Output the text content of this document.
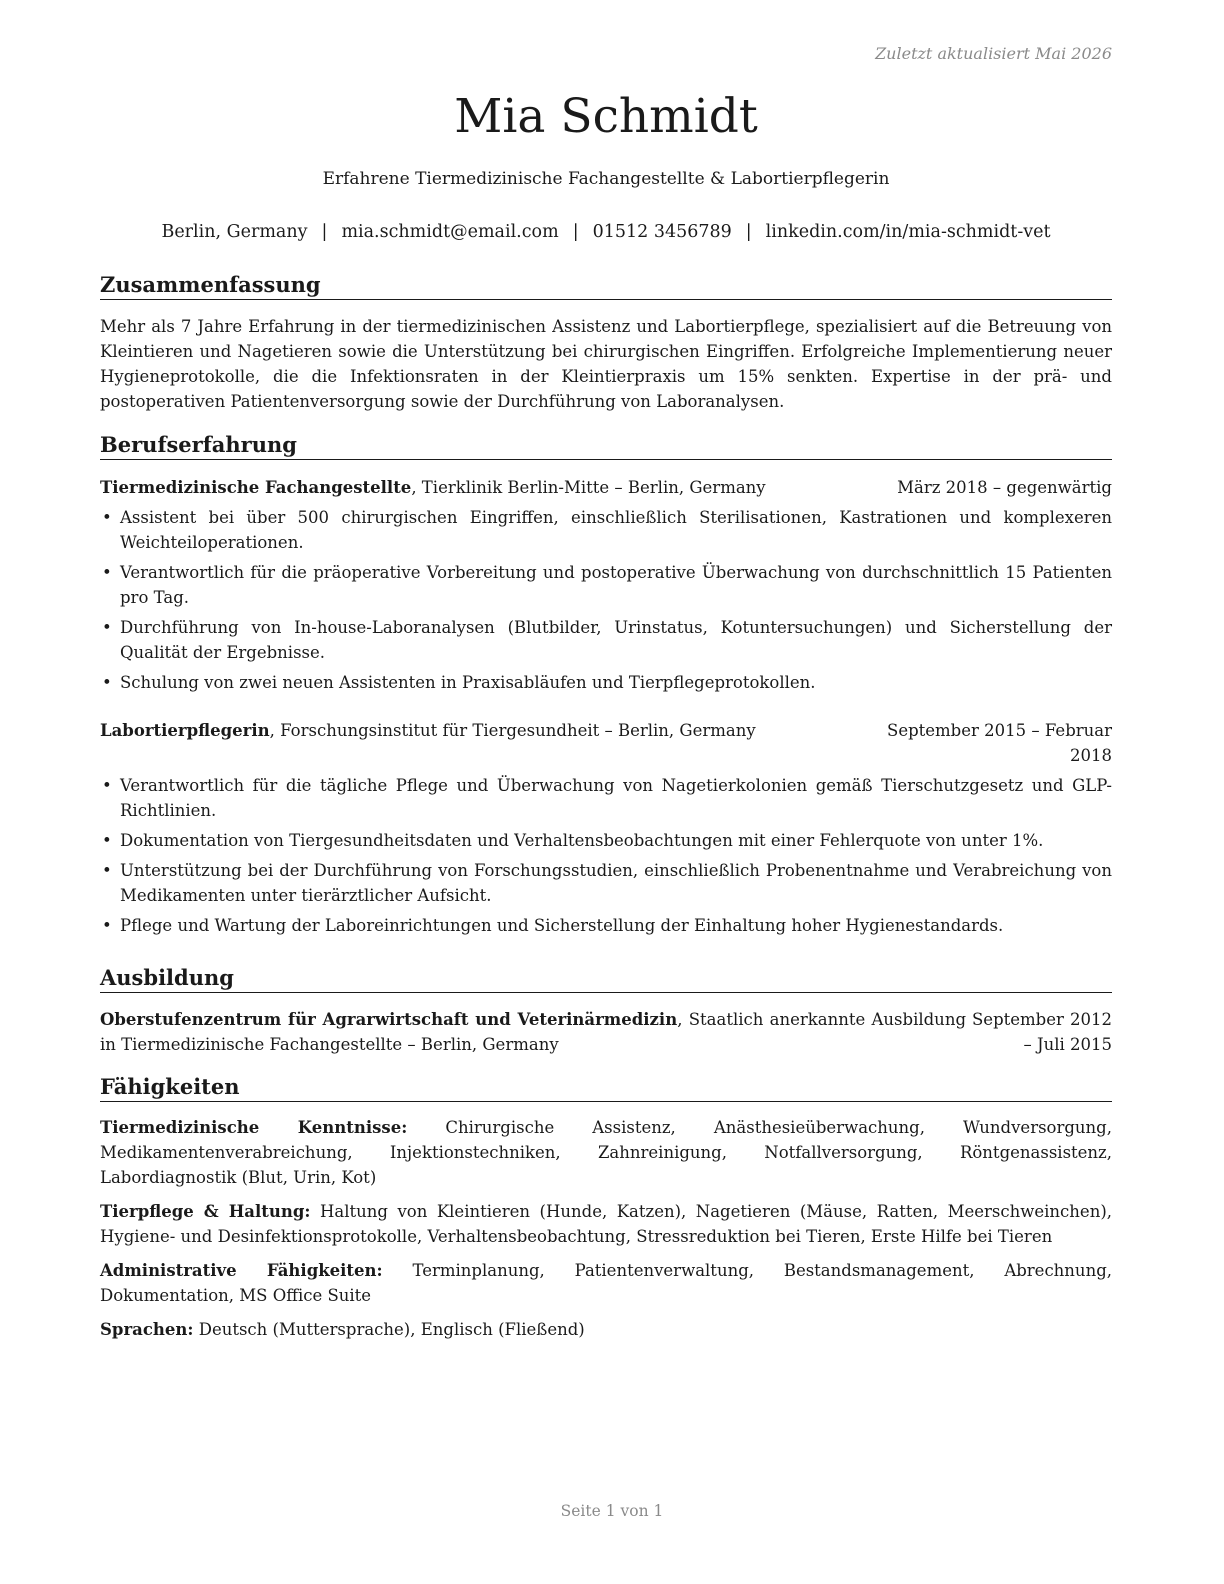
Zuletzt aktualisiert Mai 2026
Mia Schmidt
Erfahrene Tiermedizinische Fachangestellte & Labortierpflegerin
Berlin, Germany | mia.schmidt@email.com | 01512 3456789 | linkedin.com/in/mia-schmidt-vet
Zusammenfassung
Mehr als 7 Jahre Erfahrung in der tiermedizinischen Assistenz und Labortierpflege, spezialisiert auf die Betreuung von Kleintieren und Nagetieren sowie die Unterstützung bei chirurgischen Eingriffen. Erfolgreiche Implementierung neuer Hygieneprotokolle, die die Infektionsraten in der Kleintierpraxis um 15% senkten. Expertise in der prä- und postoperativen Patientenversorgung sowie der Durchführung von Laboranalysen.
Berufserfahrung
Tiermedizinische Fachangestellte, Tierklinik Berlin-Mitte – Berlin, Germany	März 2018 – gegenwärtig
• Assistent bei über 500 chirurgischen Eingriffen, einschließlich Sterilisationen, Kastrationen und komplexeren Weichteiloperationen.
• Verantwortlich für die präoperative Vorbereitung und postoperative Überwachung von durchschnittlich 15 Patienten pro Tag.
• Durchführung von In-house-Laboranalysen (Blutbilder, Urinstatus, Kotuntersuchungen) und Sicherstellung der Qualität der Ergebnisse.
• Schulung von zwei neuen Assistenten in Praxisabläufen und Tierpflegeprotokollen.
Labortierpflegerin, Forschungsinstitut für Tiergesundheit – Berlin, Germany	September 2015 – Februar 2018
• Verantwortlich für die tägliche Pflege und Überwachung von Nagetierkolonien gemäß Tierschutzgesetz und GLP-Richtlinien.
• Dokumentation von Tiergesundheitsdaten und Verhaltensbeobachtungen mit einer Fehlerquote von unter 1%.
• Unterstützung bei der Durchführung von Forschungsstudien, einschließlich Probenentnahme und Verabreichung von Medikamenten unter tierärztlicher Aufsicht.
• Pflege und Wartung der Laboreinrichtungen und Sicherstellung der Einhaltung hoher Hygienestandards.
Ausbildung
Oberstufenzentrum für Agrarwirtschaft und Veterinärmedizin, Staatlich anerkannte Ausbildung in Tiermedizinische Fachangestellte – Berlin, Germany
September 2012 – Juli 2015
Fähigkeiten
Tiermedizinische Kenntnisse: Chirurgische Assistenz, Anästhesieüberwachung, Wundversorgung, Medikamentenverabreichung, Injektionstechniken, Zahnreinigung, Notfallversorgung, Röntgenassistenz, Labordiagnostik (Blut, Urin, Kot)
Tierpflege & Haltung: Haltung von Kleintieren (Hunde, Katzen), Nagetieren (Mäuse, Ratten, Meerschweinchen), Hygiene- und Desinfektionsprotokolle, Verhaltensbeobachtung, Stressreduktion bei Tieren, Erste Hilfe bei Tieren
Administrative Fähigkeiten: Terminplanung, Patientenverwaltung, Bestandsmanagement, Abrechnung, Dokumentation, MS Office Suite
Sprachen: Deutsch (Muttersprache), Englisch (Fließend)
Seite 1 von 1
